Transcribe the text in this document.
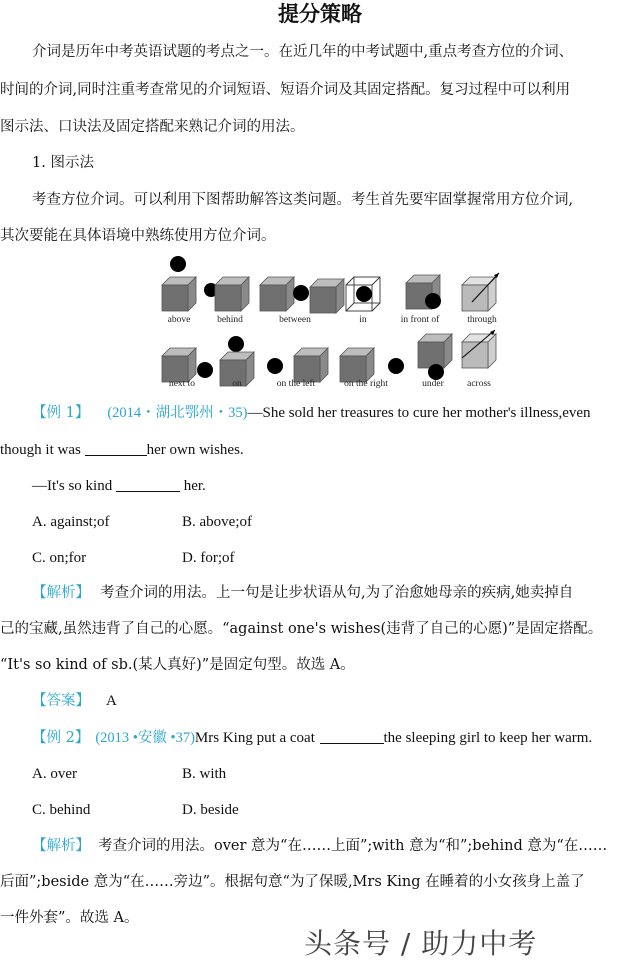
提分策略
介词是历年中考英语试题的考点之一。在近几年的中考试题中,重点考查方位的介词、
时间的介词,同时注重考查常见的介词短语、短语介词及其固定搭配。复习过程中可以利用
图示法、口诀法及固定搭配来熟记介词的用法。
1. 图示法
考查方位介词。可以利用下图帮助解答这类问题。考生首先要牢固掌握常用方位介词,
其次要能在具体语境中熟练使用方位介词。
above	behind	between	in	in front of	through
next to	on	on the left	on the right	under across
【例 1】 (2014・湖北鄂州・35)—She sold her treasures to cure her mother's illness,even
though it was	her own wishes.
—It's so kind	her.
A. against;of	B. above;of
C. on;for	D. for;of
【解析】 考查介词的用法。上一句是让步状语从句,为了治愈她母亲的疾病,她卖掉自
己的宝藏,虽然违背了自己的心愿。“against one's wishes(违背了自己的心愿)”是固定搭配。
“It's so kind of sb.(某人真好)”是固定句型。故选 A。
【答案】 A
【例 2】 (2013 •安徽 •37)Mrs King put a coat	the sleeping girl to keep her warm.
A. over	B. with
C. behind	D. beside
【解析】 考查介词的用法。over 意为“在……上面”;with 意为“和”;behind 意为“在……
后面”;beside 意为“在……旁边”。根据句意“为了保暖,Mrs King 在睡着的小女孩身上盖了
一件外套”。故选 A。
头条号 / 助力中考
